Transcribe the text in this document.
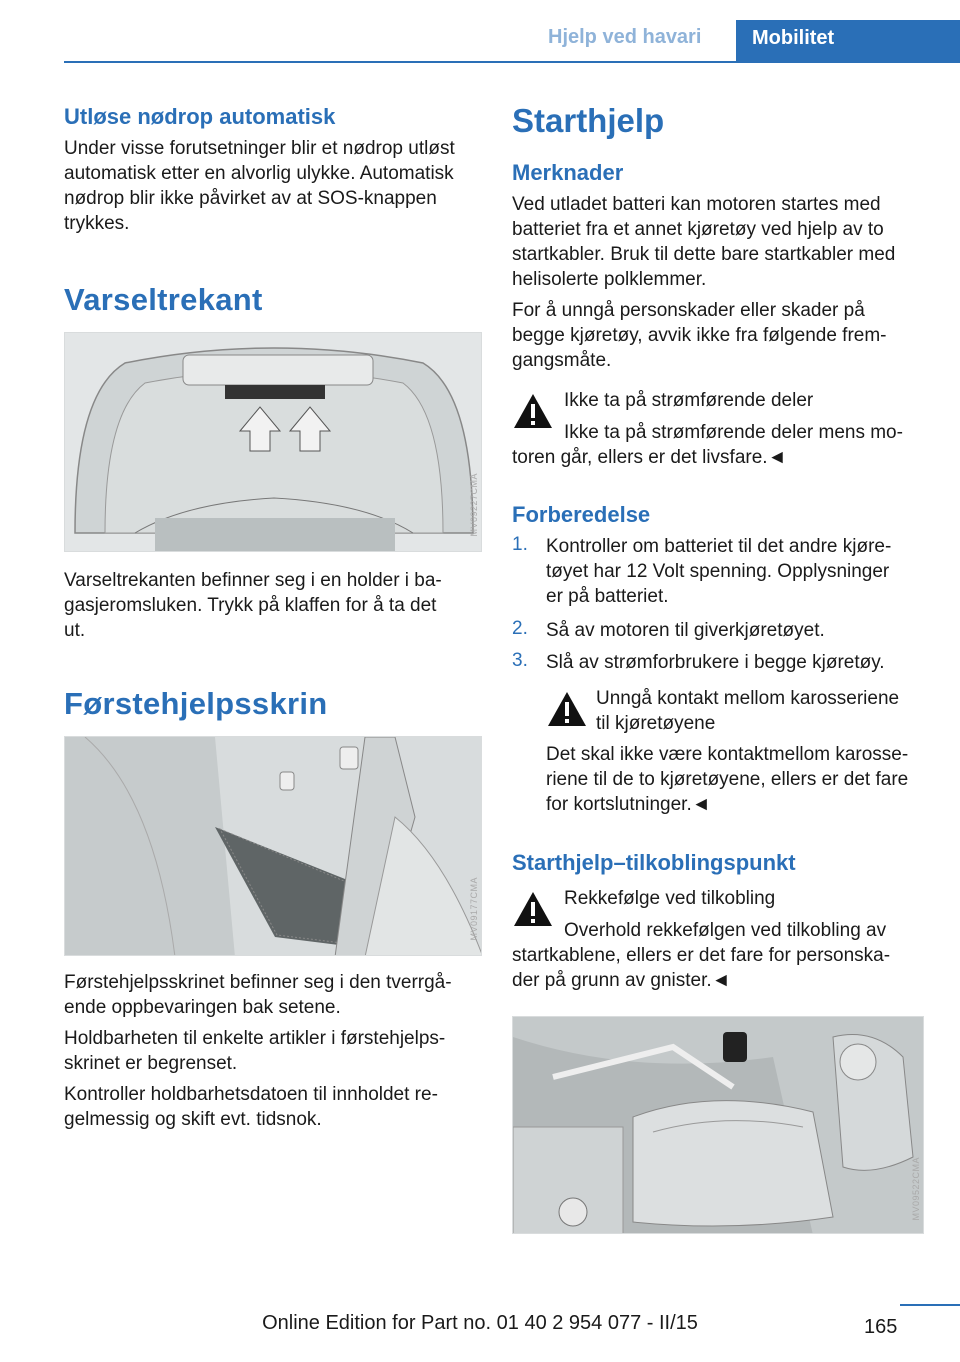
Hjelp ved havari	Mobilitet
Utløse nødrop automatisk
Under visse forutsetninger blir et nødrop utløst
automatisk etter en alvorlig ulykke. Automatisk
nødrop blir ikke påvirket av at SOS-knappen
trykkes.
Varseltrekant
MV09227CMA
Varseltrekanten befinner seg i en holder i ba‐
gasjeromsluken. Trykk på klaffen for å ta det
ut.
Førstehjelpsskrin
MV09177CMA
Førstehjelpsskrinet befinner seg i den tverrgå‐
ende oppbevaringen bak setene.
Holdbarheten til enkelte artikler i førstehjelps‐
skrinet er begrenset.
Kontroller holdbarhetsdatoen til innholdet re‐
gelmessig og skift evt. tidsnok.
Starthjelp
Merknader
Ved utladet batteri kan motoren startes med
batteriet fra et annet kjøretøy ved hjelp av to
startkabler. Bruk til dette bare startkabler med
helisolerte polklemmer.
For å unngå personskader eller skader på
begge kjøretøy, avvik ikke fra følgende frem‐
gangsmåte.
Ikke ta på strømførende deler
Ikke ta på strømførende deler mens mo‐
toren går, ellers er det livsfare.◄
Forberedelse
1. Kontroller om batteriet til det andre kjøre‐
tøyet har 12 Volt spenning. Opplysninger
er på batteriet.
2. Så av motoren til giverkjøretøyet.
3. Slå av strømforbrukere i begge kjøretøy.
Unngå kontakt mellom karosseriene
til kjøretøyene
Det skal ikke være kontaktmellom karosse‐
riene til de to kjøretøyene, ellers er det fare
for kortslutninger.◄
Starthjelp–tilkoblingspunkt
Rekkefølge ved tilkobling
Overhold rekkefølgen ved tilkobling av
startkablene, ellers er det fare for personska‐
der på grunn av gnister.◄
MV09522CMA
165
Online Edition for Part no. 01 40 2 954 077 - II/15
